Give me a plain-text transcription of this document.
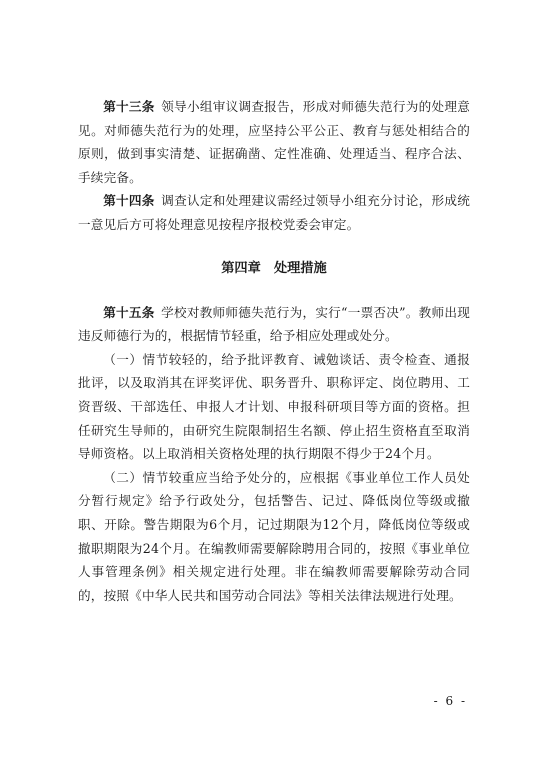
第十三条  领导小组审议调查报告，形成对师德失范行为的处理意见。对师德失范行为的处理，应坚持公平公正、教育与惩处相结合的原则，做到事实清楚、证据确凿、定性准确、处理适当、程序合法、手续完备。

第十四条  调查认定和处理建议需经过领导小组充分讨论，形成统一意见后方可将处理意见按程序报校党委会审定。

第四章　处理措施

第十五条  学校对教师师德失范行为，实行“一票否决”。教师出现违反师德行为的，根据情节轻重，给予相应处理或处分。

（一）情节较轻的，给予批评教育、诫勉谈话、责令检查、通报批评，以及取消其在评奖评优、职务晋升、职称评定、岗位聘用、工资晋级、干部选任、申报人才计划、申报科研项目等方面的资格。担任研究生导师的，由研究生院限制招生名额、停止招生资格直至取消导师资格。以上取消相关资格处理的执行期限不得少于24个月。

（二）情节较重应当给予处分的，应根据《事业单位工作人员处分暂行规定》给予行政处分，包括警告、记过、降低岗位等级或撤职、开除。警告期限为6个月，记过期限为12个月，降低岗位等级或撤职期限为24个月。在编教师需要解除聘用合同的，按照《事业单位人事管理条例》相关规定进行处理。非在编教师需要解除劳动合同的，按照《中华人民共和国劳动合同法》等相关法律法规进行处理。

- 6 -
